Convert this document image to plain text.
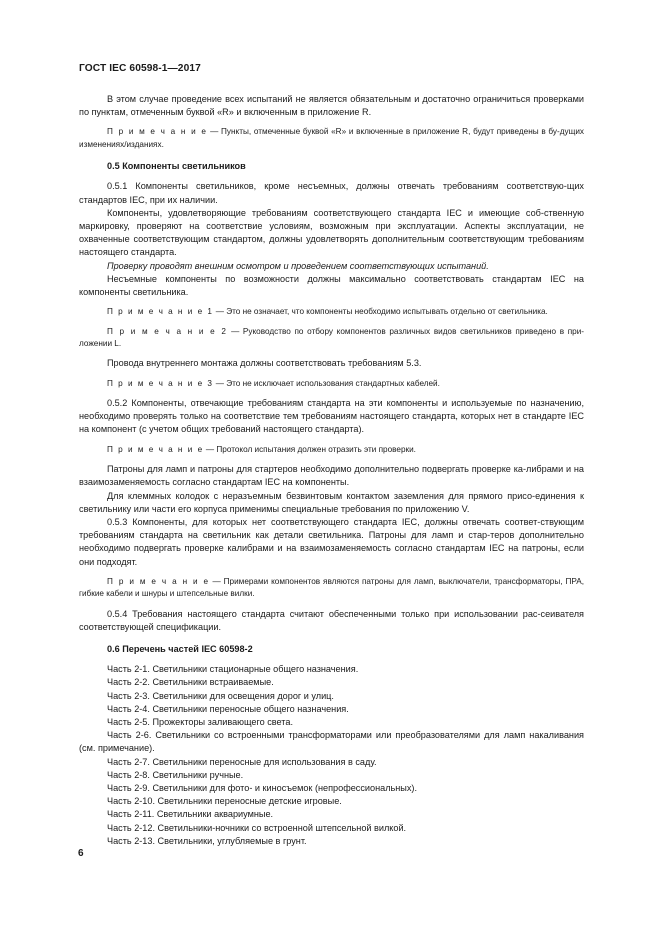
ГОСТ IEC 60598-1—2017

В этом случае проведение всех испытаний не является обязательным и достаточно ограничиться проверками по пунктам, отмеченным буквой «R» и включенным в приложение R.

П р и м е ч а н и е — Пункты, отмеченные буквой «R» и включенные в приложение R, будут приведены в бу-дущих изменениях/изданиях.

0.5 Компоненты светильников

0.5.1 Компоненты светильников, кроме несъемных, должны отвечать требованиям соответствую-щих стандартов IEC, при их наличии.

Компоненты, удовлетворяющие требованиям соответствующего стандарта IEC и имеющие соб-ственную маркировку, проверяют на соответствие условиям, возможным при эксплуатации. Аспекты эксплуатации, не охваченные соответствующим стандартом, должны удовлетворять дополнительным соответствующим требованиям настоящего стандарта.

Проверку проводят внешним осмотром и проведением соответствующих испытаний.

Несъемные компоненты по возможности должны максимально соответствовать стандартам IEC на компоненты светильника.

П р и м е ч а н и е 1 — Это не означает, что компоненты необходимо испытывать отдельно от светильника.

П р и м е ч а н и е 2 — Руководство по отбору компонентов различных видов светильников приведено в при-ложении L.

Провода внутреннего монтажа должны соответствовать требованиям 5.3.

П р и м е ч а н и е 3 — Это не исключает использования стандартных кабелей.

0.5.2 Компоненты, отвечающие требованиям стандарта на эти компоненты и используемые по назначению, необходимо проверять только на соответствие тем требованиям настоящего стандарта, которых нет в стандарте IEC на компонент (с учетом общих требований настоящего стандарта).

П р и м е ч а н и е — Протокол испытания должен отразить эти проверки.

Патроны для ламп и патроны для стартеров необходимо дополнительно подвергать проверке ка-либрами и на взаимозаменяемость согласно стандартам IEC на компоненты.

Для клеммных колодок с неразъемным безвинтовым контактом заземления для прямого присо-единения к светильнику или части его корпуса применимы специальные требования по приложению V.

0.5.3 Компоненты, для которых нет соответствующего стандарта IEC, должны отвечать соответ-ствующим требованиям стандарта на светильник как детали светильника. Патроны для ламп и стар-теров дополнительно необходимо подвергать проверке калибрами и на взаимозаменяемость согласно стандартам IEC на патроны, если они подходят.

П р и м е ч а н и е — Примерами компонентов являются патроны для ламп, выключатели, трансформаторы, ПРА, гибкие кабели и шнуры и штепсельные вилки.

0.5.4 Требования настоящего стандарта считают обеспеченными только при использовании рас-сеивателя соответствующей спецификации.

0.6 Перечень частей IEC 60598-2

Часть 2-1. Светильники стационарные общего назначения.

Часть 2-2. Светильники встраиваемые.

Часть 2-3. Светильники для освещения дорог и улиц.

Часть 2-4. Светильники переносные общего назначения.

Часть 2-5. Прожекторы заливающего света.

Часть 2-6. Светильники со встроенными трансформаторами или преобразователями для ламп накаливания (см. примечание).

Часть 2-7. Светильники переносные для использования в саду.

Часть 2-8. Светильники ручные.

Часть 2-9. Светильники для фото- и киносъемок (непрофессиональных).

Часть 2-10. Светильники переносные детские игровые.

Часть 2-11. Светильники аквариумные.

Часть 2-12. Светильники-ночники со встроенной штепсельной вилкой.

Часть 2-13. Светильники, углубляемые в грунт.

6
